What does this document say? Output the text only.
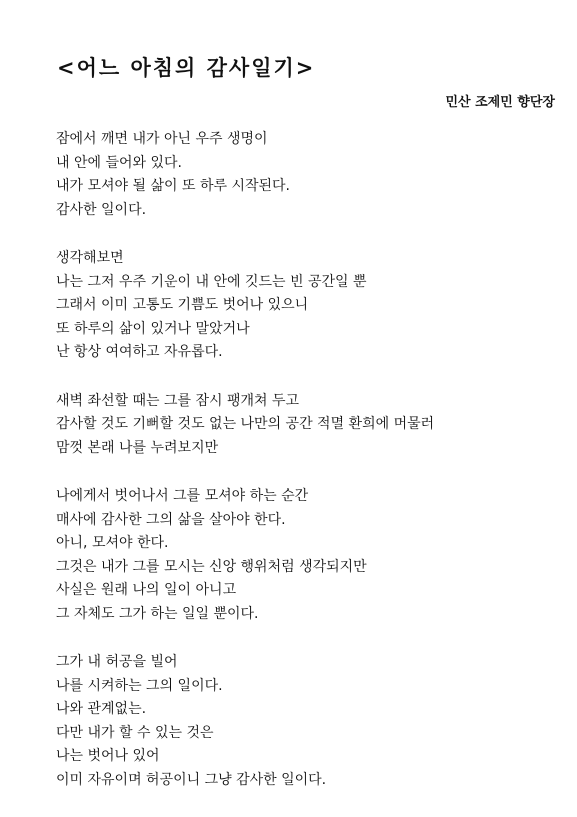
<어느 아침의 감사일기>
민산 조제민 향단장
잠에서 깨면 내가 아닌 우주 생명이
내 안에 들어와 있다.
내가 모셔야 될 삶이 또 하루 시작된다.
감사한 일이다.
생각해보면
나는 그저 우주 기운이 내 안에 깃드는 빈 공간일 뿐
그래서 이미 고통도 기쁨도 벗어나 있으니
또 하루의 삶이 있거나 말았거나
난 항상 여여하고 자유롭다.
새벽 좌선할 때는 그를 잠시 팽개쳐 두고
감사할 것도 기뻐할 것도 없는 나만의 공간 적멸 환희에 머물러
맘껏 본래 나를 누려보지만
나에게서 벗어나서 그를 모셔야 하는 순간
매사에 감사한 그의 삶을 살아야 한다.
아니, 모셔야 한다.
그것은 내가 그를 모시는 신앙 행위처럼 생각되지만
사실은 원래 나의 일이 아니고
그 자체도 그가 하는 일일 뿐이다.
그가 내 허공을 빌어
나를 시켜하는 그의 일이다.
나와 관계없는.
다만 내가 할 수 있는 것은
나는 벗어나 있어
이미 자유이며 허공이니 그냥 감사한 일이다.
